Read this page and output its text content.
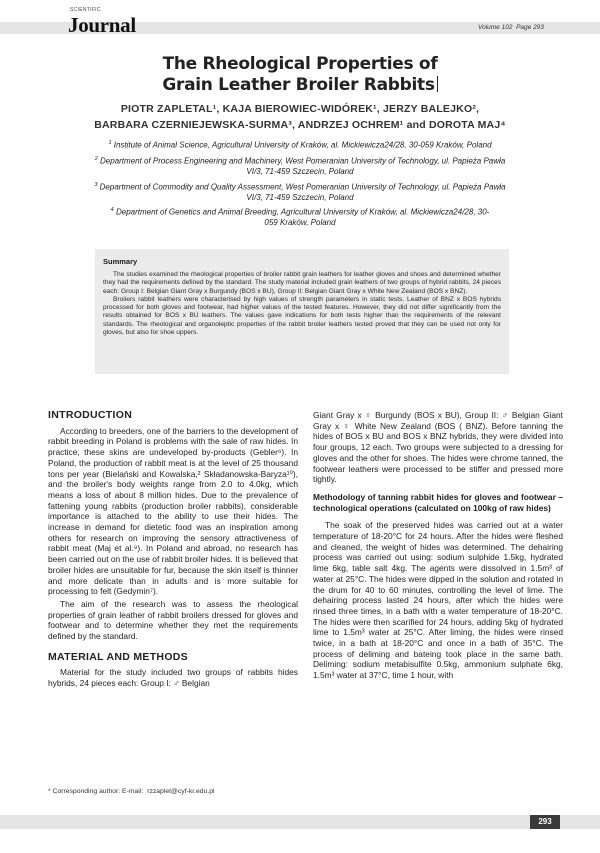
SCIENTIFIC
Journal	Volume 102 Page 293
The Rheological Properties of
Grain Leather Broiler Rabbits
PIOTR ZAPLETAL¹, KAJA BIEROWIEC-WIDÓREK¹, JERZY BALEJKO²,
BARBARA CZERNIEJEWSKA-SURMA³, ANDRZEJ OCHREM¹ and DOROTA MAJ⁴
$^1$ Institute of Animal Science, Agricultural University of Kraków, al. Mickiewicza24/28, 30-059 Kraków, Poland
$^2$ Department of Process Engineering and Machinery, West Pomeranian University of Technology, ul. Papieża Pawła VI/3, 71-459 Szczecin, Poland
$^3$ Department of Commodity and Quality Assessment, West Pomeranian University of Technology, ul. Papieża Pawła VI/3, 71-459 Szczecin, Poland
$^4$ Department of Genetics and Animal Breeding, Agricultural University of Kraków, al. Mickiewicza24/28, 30-059 Kraków, Poland
Summary
The studies examined the rheological properties of broiler rabbit grain leathers for leather gloves and shoes and determined whether they had the requirements defined by the standard. The study material included grain leathers of two groups of hybrid rabbits, 24 pieces each: Group I: Belgian Giant Gray x Burgundy (BOS x BU), Group II: Belgian Giant Gray x White New Zealand (BOS x BNZ).
Broilers rabbit leathers were characterised by high values of strength parameters in static tests. Leather of BNZ x BOS hybrids processed for both gloves and footwear, had higher values of the tested features. However, they did not differ significantly from the results obtained for BOS x BU leathers. The values gave indications for both tests higher than the requirements of the relevant standards. The rheological and organoleptic properties of the rabbit broiler leathers tested proved that they can be used not only for gloves, but also for shoe uppers.
INTRODUCTION

According to breeders, one of the barriers to the development of rabbit breeding in Poland is problems with the sale of raw hides. In practice, these skins are undeveloped by-products (Gebler⁶). In Poland, the production of rabbit meat is at the level of 25 thousand tons per year (Bielański and Kowalska,² Składanowska-Baryza¹⁰), and the broiler's body weights range from 2.0 to 4.0kg, which means a loss of about 8 million hides. Due to the prevalence of fattening young rabbits (production broiler rabbits), considerable importance is attached to the ability to use their hides. The increase in demand for dietetic food was an inspiration among others for research on improving the sensory attractiveness of rabbit meat (Maj et al.⁹). In Poland and abroad, no research has been carried out on the use of rabbit broiler hides. It is believed that broiler hides are unsuitable for fur, because the skin itself is thinner and more delicate than in adults and is more suitable for processing to felt (Gedymin⁷).

The aim of the research was to assess the rheological properties of grain leather of rabbit broilers dressed for gloves and footwear and to determine whether they met the requirements defined by the standard.

MATERIAL AND METHODS

Material for the study included two groups of rabbits hides hybrids, 24 pieces each: Group I: ♂ Belgian

Giant Gray x ♀ Burgundy (BOS x BU), Group II: ♂ Belgian Giant Gray x ♀ White New Zealand (BOS ( BNZ). Before tanning the hides of BOS x BU and BOS x BNZ hybrids, they were divided into four groups, 12 each. Two groups were subjected to a dressing for gloves and the other for shoes. The hides were chrome tanned, the footwear leathers were processed to be stiffer and pressed more tightly.

Methodology of tanning rabbit hides for gloves and footwear – technological operations (calculated on 100kg of raw hides)

The soak of the preserved hides was carried out at a water temperature of 18-20°C for 24 hours. After the hides were fleshed and cleaned, the weight of hides was determined. The dehairing process was carried out using: sodium sulphide 1.5kg, hydrated lime 6kg, table salt 4kg. The agents were dissolved in 1.5m³ of water at 25°C. The hides were dipped in the solution and rotated in the drum for 40 to 60 minutes, controlling the level of lime. The dehairing process lasted 24 hours, after which the hides were rinsed three times, in a bath with a water temperature of 18-20°C. The hides were then scarified for 24 hours, adding 5kg of hydrated lime to 1.5m³ water at 25°C. After liming, the hides were rinsed twice, in a bath at 18-20°C and once in a bath of 35°C. The process of deliming and bateing took place in the same bath. Deliming: sodium metabisulfite 0.5kg, ammonium sulphate 6kg, 1.5m³ water at 37°C, time 1 hour, with

* Corresponding author: E-mail: rzzaplet@cyf-kr.edu.pl
293
